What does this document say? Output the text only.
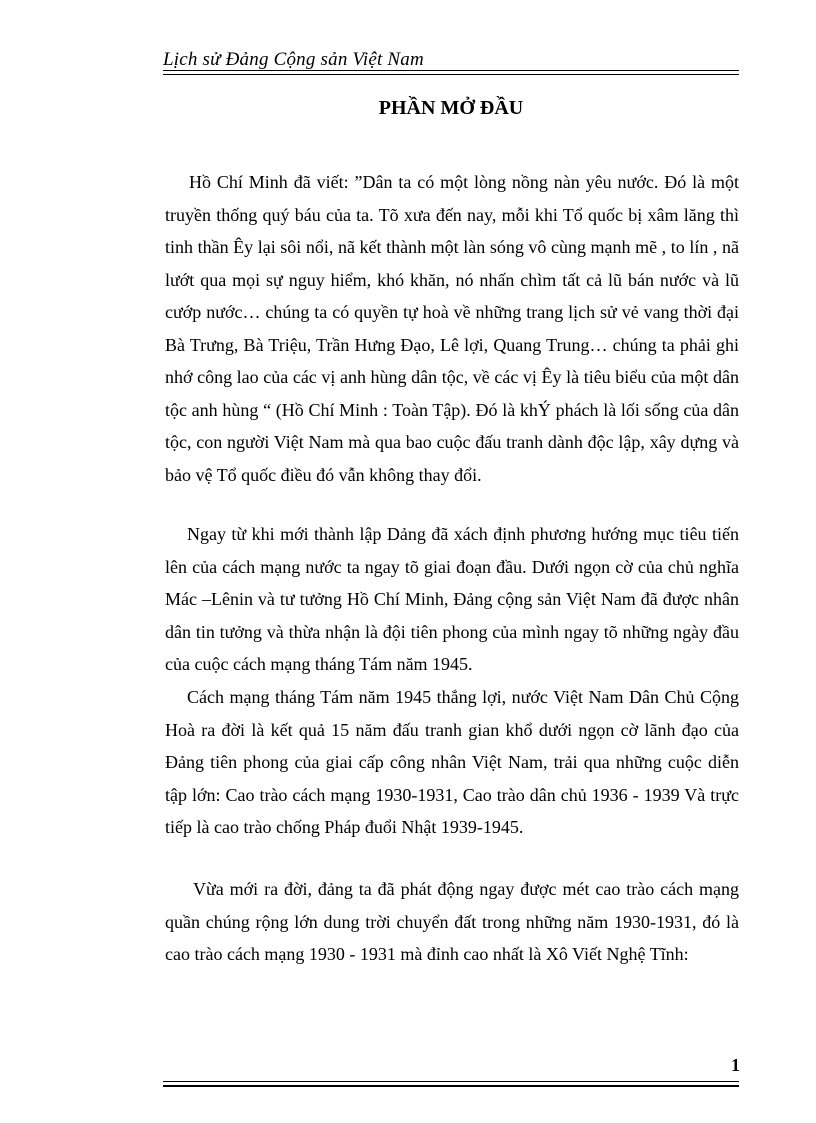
Lịch sử Đảng Cộng sản Việt Nam
PHẦN MỞ ĐẦU

Hồ Chí Minh đã viết: ”Dân ta có một lòng nồng nàn yêu nước. Đó là một truyền thống quý báu của ta. Tõ xưa đến nay, mỗi khi Tổ quốc bị xâm lăng thì tinh thần Êy lại sôi nổi, nã kết thành một làn sóng vô cùng mạnh mẽ , to lín , nã lướt qua mọi sự nguy hiểm, khó khăn, nó nhấn chìm tất cả lũ bán nước và lũ cướp nước… chúng ta có quyền tự hoà về những trang lịch sử vẻ vang thời đại Bà Trưng, Bà Triệu, Trần Hưng Đạo, Lê lợi, Quang Trung… chúng ta phải ghi nhớ công lao của các vị anh hùng dân tộc, về các vị Êy là tiêu biểu của một dân tộc anh hùng “ (Hồ Chí Minh : Toàn Tập). Đó là khÝ phách là lối sống của dân tộc, con người Việt Nam mà qua bao cuộc đấu tranh dành độc lập, xây dựng và bảo vệ Tổ quốc điều đó vẫn không thay đổi.

Ngay từ khi mới thành lập Dảng đã xách định phương hướng mục tiêu tiến lên của cách mạng nước ta ngay tõ giai đoạn đầu. Dưới ngọn cờ của chủ nghĩa Mác –Lênin và tư tưởng Hồ Chí Minh, Đảng cộng sản Việt Nam đã được nhân dân tin tưởng và thừa nhận là đội tiên phong của mình ngay tõ những ngày đầu của cuộc cách mạng tháng Tám năm 1945.

Cách mạng tháng Tám năm 1945 thắng lợi, nước Việt Nam Dân Chủ Cộng Hoà ra đời là kết quả 15 năm đấu tranh gian khổ dưới ngọn cờ lãnh đạo của Đảng tiên phong của giai cấp công nhân Việt Nam, trải qua những cuộc diễn tập lớn: Cao trào cách mạng 1930-1931, Cao trào dân chủ 1936 - 1939 Và trực tiếp là cao trào chống Pháp đuổi Nhật 1939-1945.

Vừa mới ra đời, đảng ta đã phát động ngay được mét cao trào cách mạng quần chúng rộng lớn dung trời chuyển đất trong những năm 1930-1931, đó là cao trào cách mạng 1930 - 1931 mà đỉnh cao nhất là Xô Viết Nghệ Tĩnh:

1
